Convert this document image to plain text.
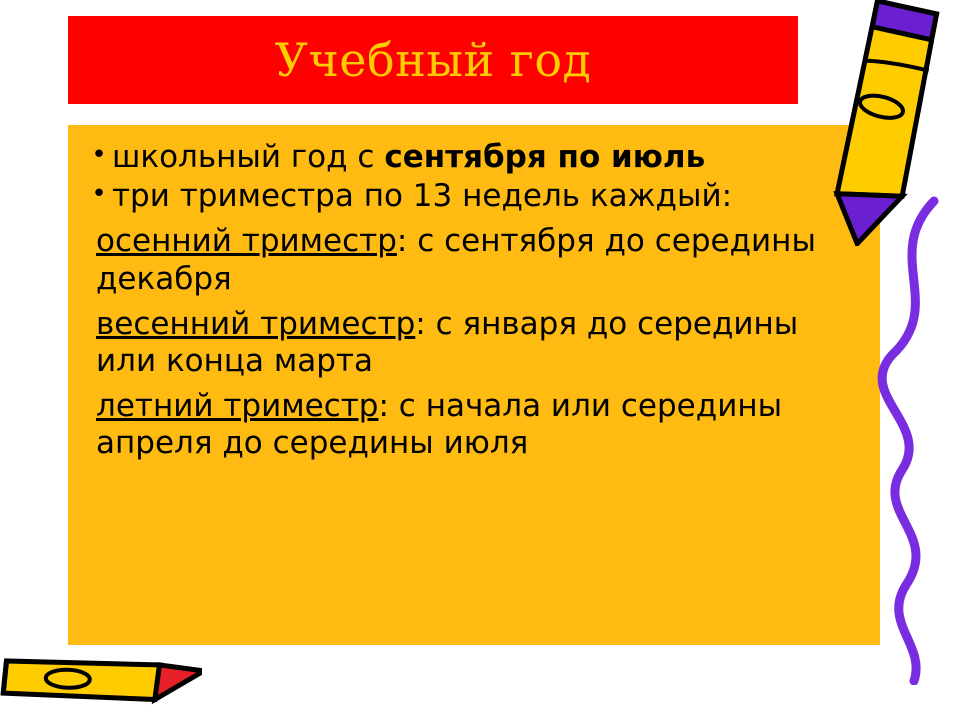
Учебный год
• школьный год с сентября по июль
• три триместра по 13 недель каждый:
осенний триместр: с сентября до середины декабря
весенний триместр: с января до середины или конца марта
летний триместр: с начала или середины апреля до середины июля
